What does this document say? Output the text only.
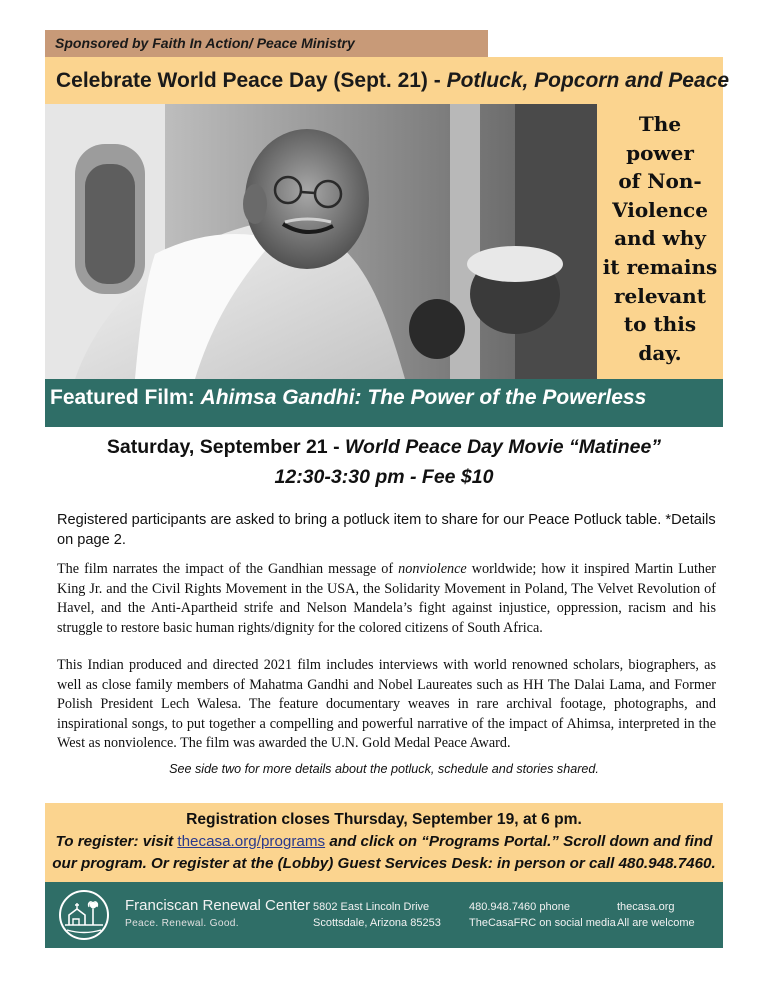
Sponsored by Faith In Action/ Peace Ministry
Celebrate World Peace Day (Sept. 21) - Potluck, Popcorn and Peace
The
power
of Non-
Violence
and why
it remains
relevant
to this
day.
Featured Film: Ahimsa Gandhi: The Power of the Powerless
Saturday, September 21 - World Peace Day Movie “Matinee”
12:30-3:30 pm - Fee $10
Registered participants are asked to bring a potluck item to share for our Peace Potluck table. *Details on page 2.
The film narrates the impact of the Gandhian message of nonviolence worldwide; how it inspired Martin Luther King Jr. and the Civil Rights Movement in the USA, the Solidarity Movement in Poland, The Velvet Revolution of Havel, and the Anti-Apartheid strife and Nelson Mandela’s fight against injustice, oppression, racism and his struggle to restore basic human rights/dignity for the colored citizens of South Africa.
This Indian produced and directed 2021 film includes interviews with world renowned scholars, biographers, as well as close family members of Mahatma Gandhi and Nobel Laureates such as HH The Dalai Lama, and Former Polish President Lech Walesa. The feature documentary weaves in rare archival footage, photographs, and inspirational songs, to put together a compelling and powerful narrative of the impact of Ahimsa, interpreted in the West as nonviolence. The film was awarded the U.N. Gold Medal Peace Award.
See side two for more details about the potluck, schedule and stories shared.
Registration closes Thursday, September 19, at 6 pm.
To register: visit thecasa.org/programs and click on “Programs Portal.” Scroll down and find
our program. Or register at the (Lobby) Guest Services Desk: in person or call 480.948.7460.
Franciscan Renewal Center
Peace. Renewal. Good.
5802 East Lincoln Drive
Scottsdale, Arizona 85253
480.948.7460 phone
TheCasaFRC on social media
thecasa.org
All are welcome
